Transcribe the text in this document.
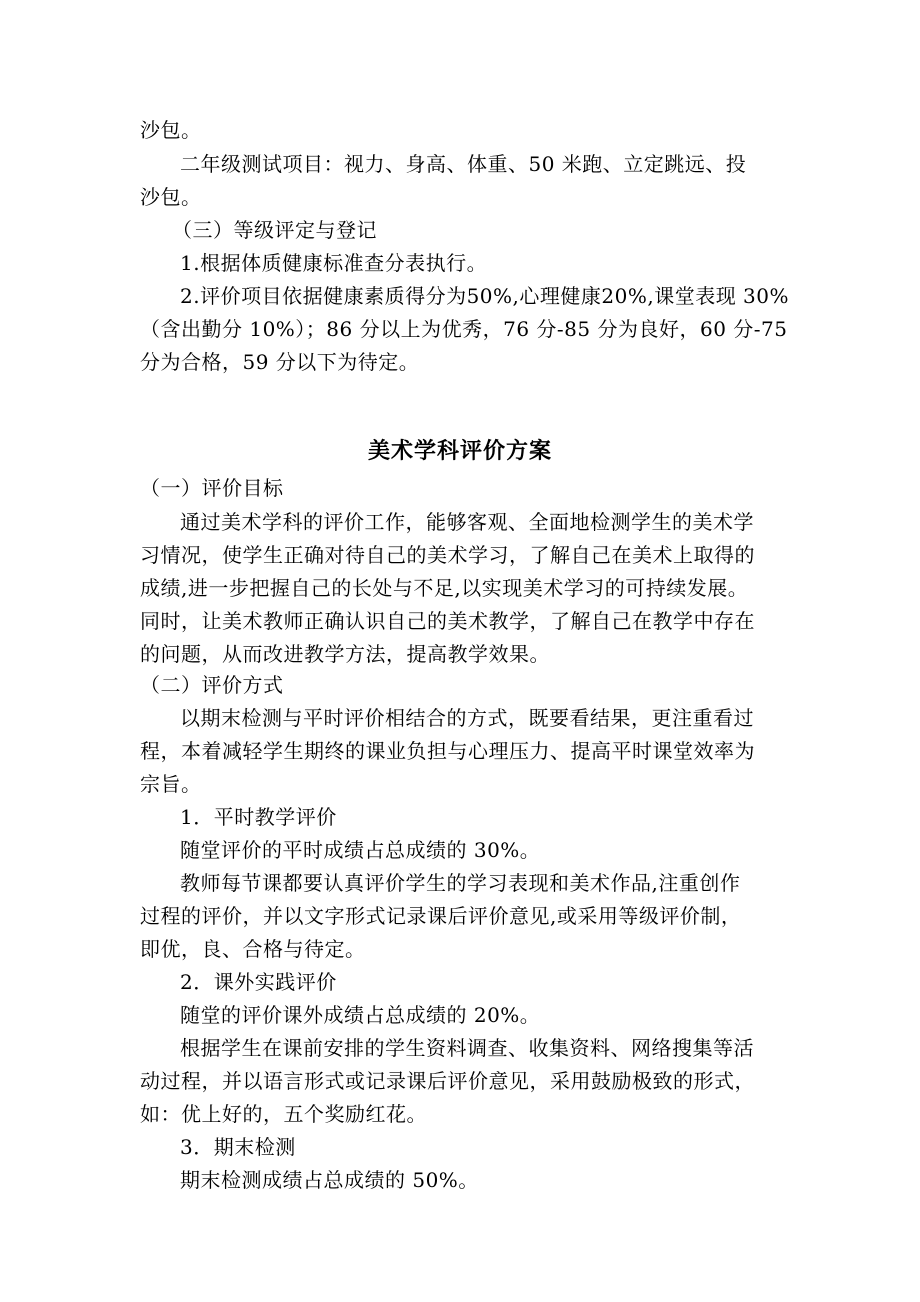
沙包。
二年级测试项目：视力、身高、体重、50 米跑、立定跳远、投
沙包。
（三）等级评定与登记
1.根据体质健康标准查分表执行。
2.评价项目依据健康素质得分为50%,心理健康20%,课堂表现 30%
（含出勤分 10%）；86 分以上为优秀，76 分-85 分为良好，60 分-75
分为合格，59 分以下为待定。
美术学科评价方案
（一）评价目标
通过美术学科的评价工作，能够客观、全面地检测学生的美术学
习情况，使学生正确对待自己的美术学习，了解自己在美术上取得的
成绩,进一步把握自己的长处与不足,以实现美术学习的可持续发展。
同时，让美术教师正确认识自己的美术教学，了解自己在教学中存在
的问题，从而改进教学方法，提高教学效果。
（二）评价方式
以期末检测与平时评价相结合的方式，既要看结果，更注重看过
程，本着减轻学生期终的课业负担与心理压力、提高平时课堂效率为
宗旨。
1．平时教学评价
随堂评价的平时成绩占总成绩的 30%。
教师每节课都要认真评价学生的学习表现和美术作品,注重创作
过程的评价，并以文字形式记录课后评价意见,或采用等级评价制，
即优，良、合格与待定。
2．课外实践评价
随堂的评价课外成绩占总成绩的 20%。
根据学生在课前安排的学生资料调查、收集资料、网络搜集等活
动过程，并以语言形式或记录课后评价意见，采用鼓励极致的形式，
如：优上好的，五个奖励红花。
3．期末检测
期末检测成绩占总成绩的 50%。
